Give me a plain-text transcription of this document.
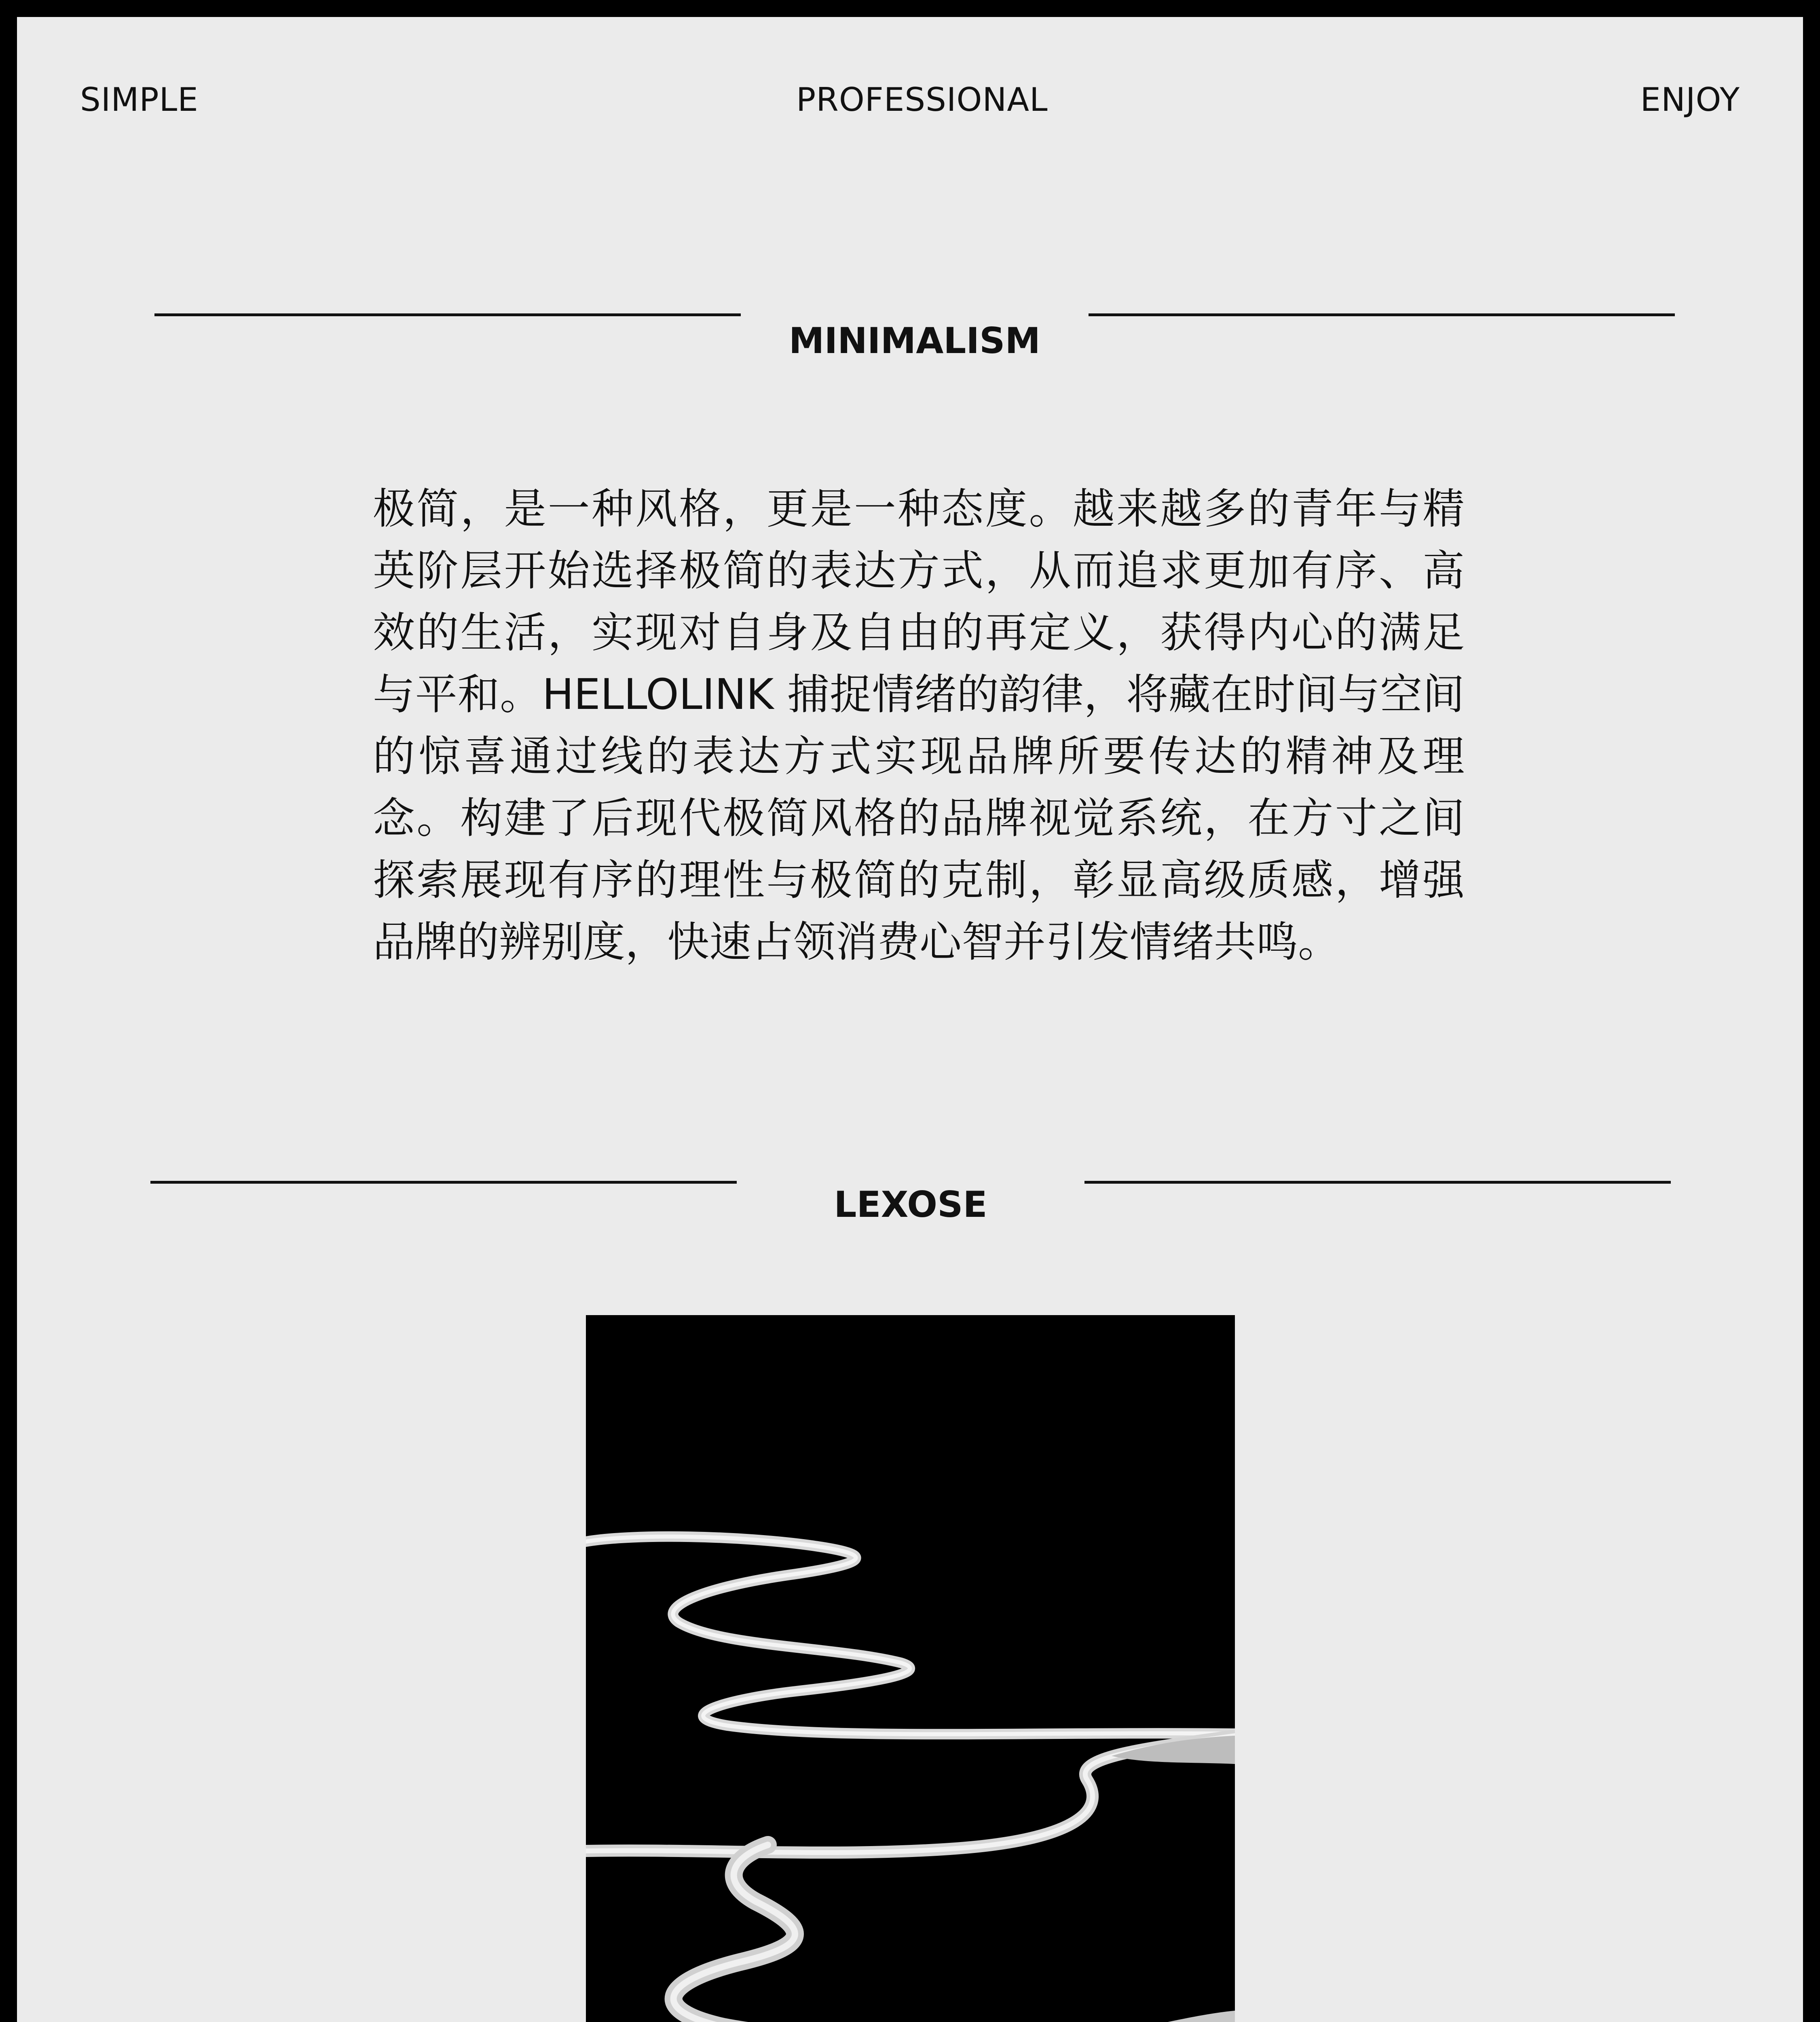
SIMPLE	PROFESSIONAL	ENJOY

MINIMALISM

极简，是一种风格，更是一种态度。越来越多的青年与精英阶层开始选择极简的表达方式，从而追求更加有序、高效的生活，实现对自身及自由的再定义，获得内心的满足与平和。HELLOLINK 捕捉情绪的韵律，将藏在时间与空间的惊喜通过线的表达方式实现品牌所要传达的精神及理念。构建了后现代极简风格的品牌视觉系统，在方寸之间探索展现有序的理性与极简的克制，彰显高级质感，增强品牌的辨别度，快速占领消费心智并引发情绪共鸣。

LEXOSE
